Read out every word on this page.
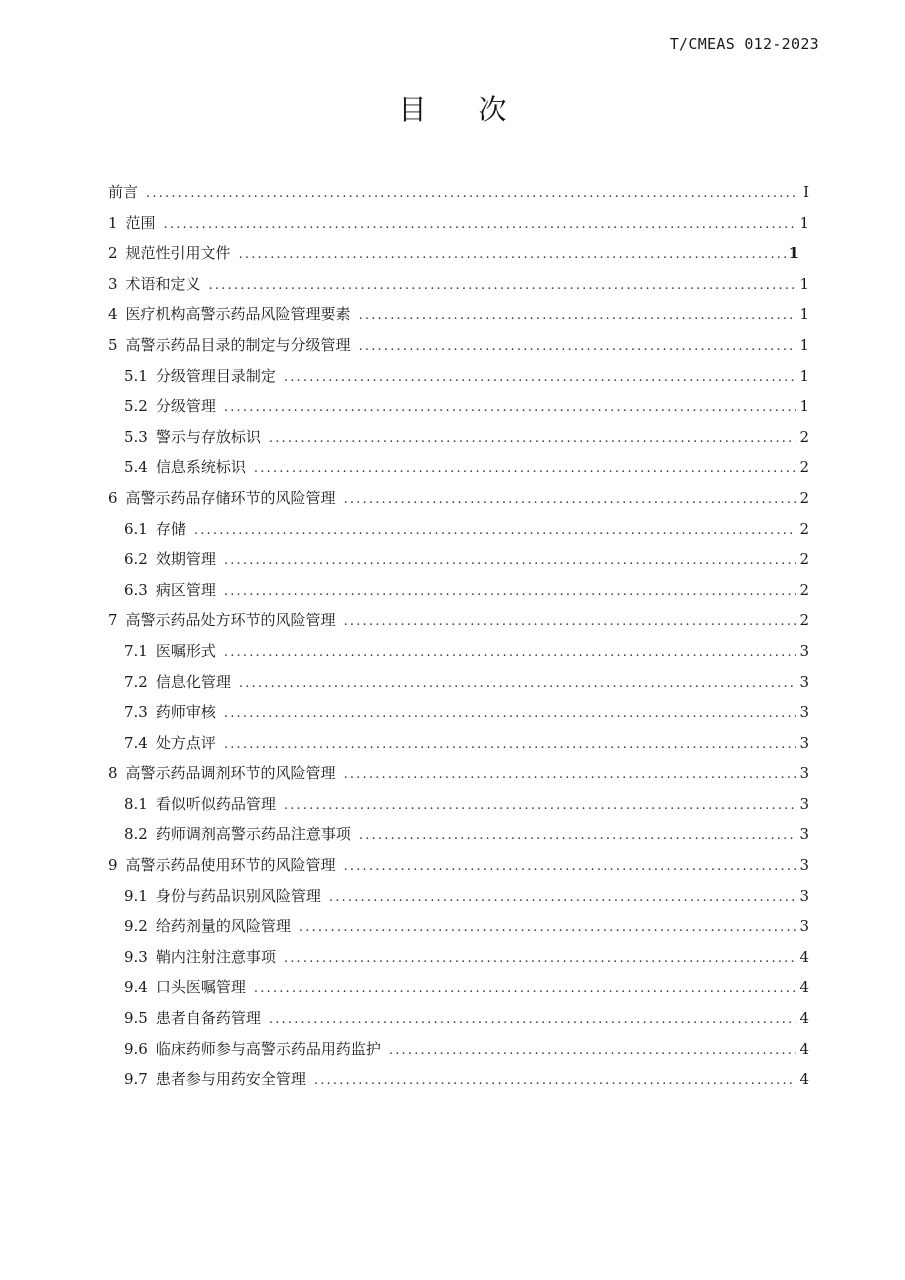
T/CMEAS 012-2023
目次
前言 .....	I
1 范围 .....	1
2 规范性引用文件 .....	1
3 术语和定义 .....	1
4 医疗机构高警示药品风险管理要素 .....	1
5 高警示药品目录的制定与分级管理 .....	1
5.1 分级管理目录制定 .....	1
5.2 分级管理 .....	1
5.3 警示与存放标识 .....	2
5.4 信息系统标识 .....	2
6 高警示药品存储环节的风险管理 .....	2
6.1 存储 .....	2
6.2 效期管理 .....	2
6.3 病区管理 .....	2
7 高警示药品处方环节的风险管理 .....	2
7.1 医嘱形式 .....	3
7.2 信息化管理 .....	3
7.3 药师审核 .....	3
7.4 处方点评 .....	3
8 高警示药品调剂环节的风险管理 .....	3
8.1 看似听似药品管理 .....	3
8.2 药师调剂高警示药品注意事项 .....	3
9 高警示药品使用环节的风险管理 .....	3
9.1 身份与药品识别风险管理 .....	3
9.2 给药剂量的风险管理 .....	3
9.3 鞘内注射注意事项 .....	4
9.4 口头医嘱管理 .....	4
9.5 患者自备药管理 .....	4
9.6 临床药师参与高警示药品用药监护 .....	4
9.7 患者参与用药安全管理 .....	4
